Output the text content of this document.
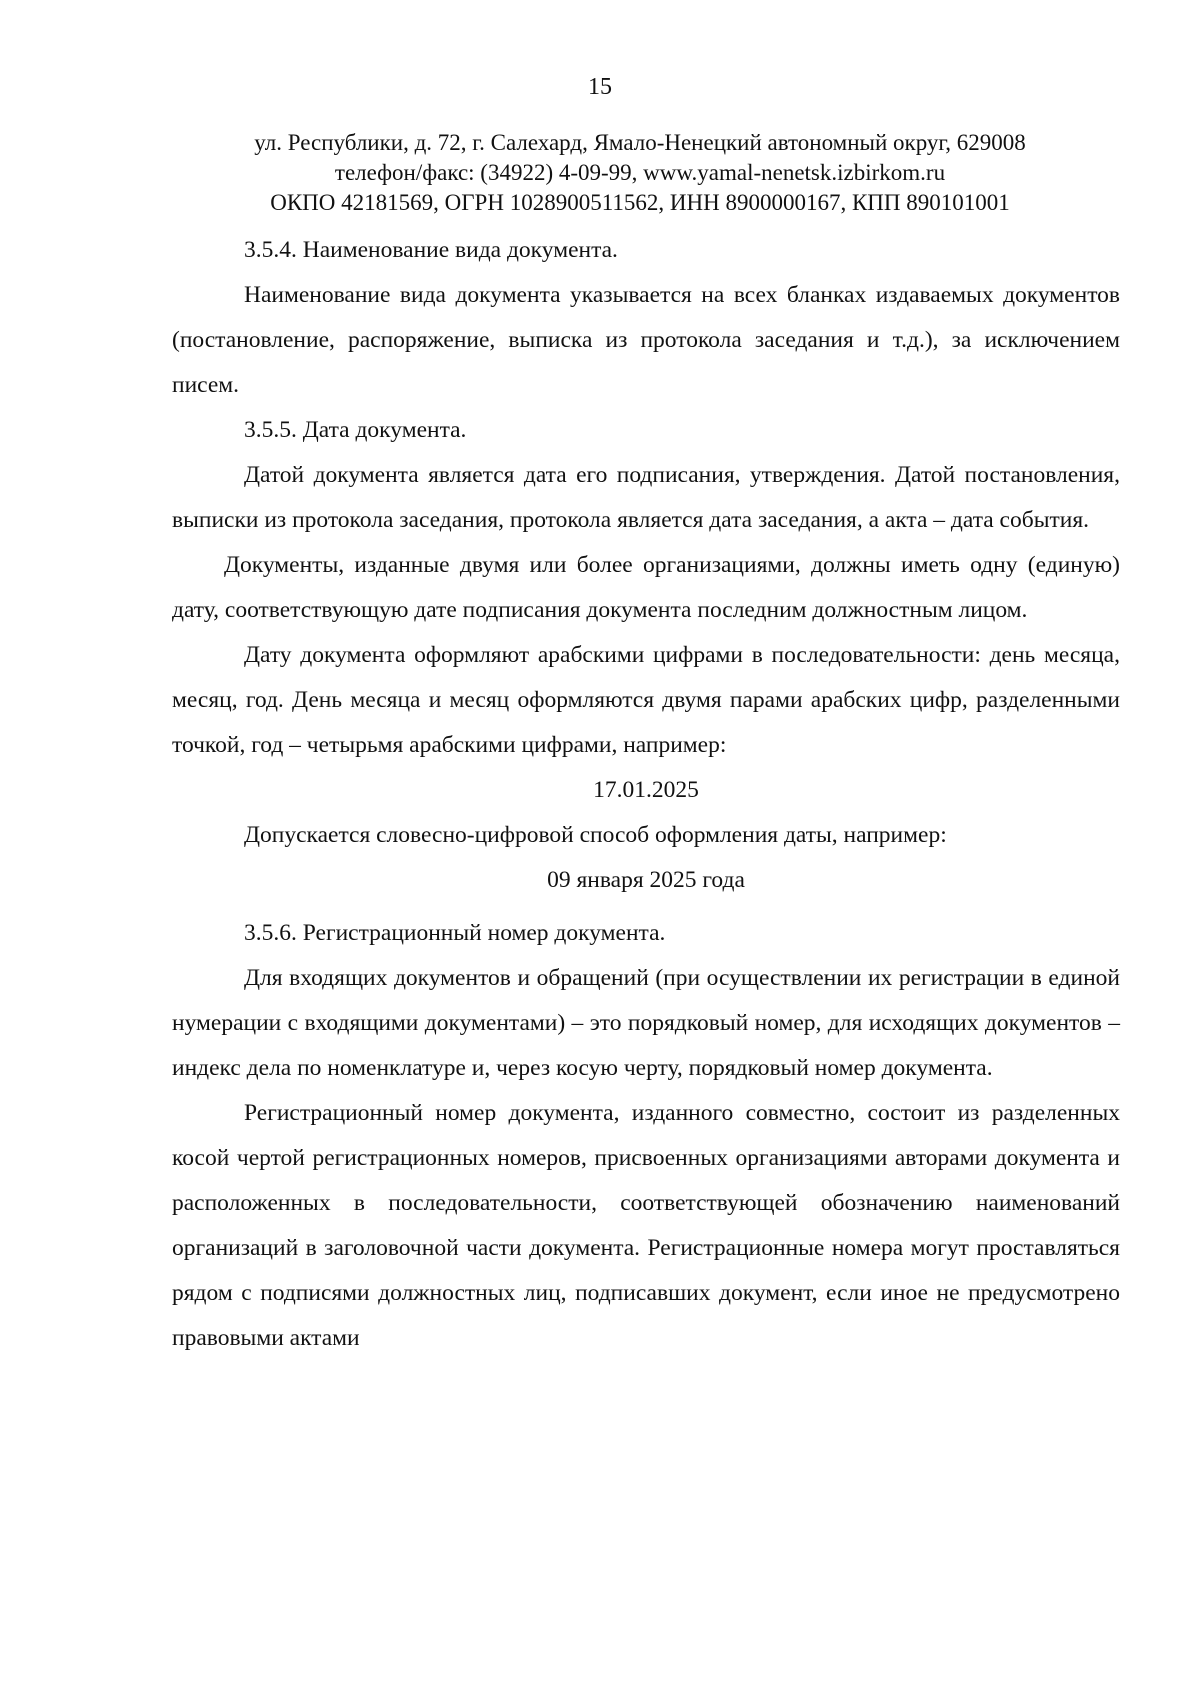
15
ул. Республики, д. 72, г. Салехард, Ямало-Ненецкий автономный округ, 629008
телефон/факс: (34922) 4-09-99, www.yamal-nenetsk.izbirkom.ru
ОКПО 42181569, ОГРН 1028900511562, ИНН 8900000167, КПП 890101001

3.5.4. Наименование вида документа.

Наименование вида документа указывается на всех бланках издаваемых документов (постановление, распоряжение, выписка из протокола заседания и т.д.), за исключением писем.

3.5.5. Дата документа.

Датой документа является дата его подписания, утверждения. Датой постановления, выписки из протокола заседания, протокола является дата заседания, а акта – дата события.

Документы, изданные двумя или более организациями, должны иметь одну (единую) дату, соответствующую дате подписания документа последним должностным лицом.

Дату документа оформляют арабскими цифрами в последовательности: день месяца, месяц, год. День месяца и месяц оформляются двумя парами арабских цифр, разделенными точкой, год – четырьмя арабскими цифрами, например:

17.01.2025

Допускается словесно-цифровой способ оформления даты, например:

09 января 2025 года

3.5.6. Регистрационный номер документа.

Для входящих документов и обращений (при осуществлении их регистрации в единой нумерации с входящими документами) – это порядковый номер, для исходящих документов – индекс дела по номенклатуре и, через косую черту, порядковый номер документа.

Регистрационный номер документа, изданного совместно, состоит из разделенных косой чертой регистрационных номеров, присвоенных организациями авторами документа и расположенных в последовательности, соответствующей обозначению наименований организаций в заголовочной части документа. Регистрационные номера могут проставляться рядом с подписями должностных лиц, подписавших документ, если иное не предусмотрено правовыми актами
